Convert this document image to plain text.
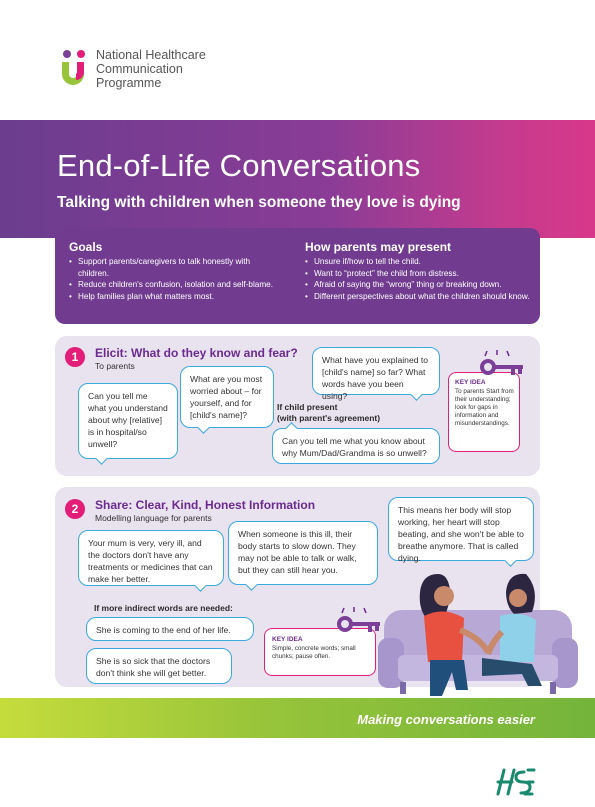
National Healthcare
Communication
Programme
End-of-Life Conversations
Talking with children when someone they love is dying
Goals
• Support parents/caregivers to talk honestly with children.
• Reduce children's confusion, isolation and self-blame.
• Help families plan what matters most.
How parents may present
• Unsure if/how to tell the child.
• Want to “protect” the child from distress.
• Afraid of saying the “wrong” thing or breaking down.
• Different perspectives about what the children should know.
1	Elicit: What do they know and fear?
To parents
Can you tell me what you understand about why [relative] is in hospital/so unwell?
What are you most worried about – for yourself, and for [child's name]?
What have you explained to [child's name] so far? What words have you been using?
If child present
(with parent's agreement)
Can you tell me what you know about why Mum/Dad/Grandma is so unwell?
KEY IDEA
To parents Start from their understanding; look for gaps in information and misunderstandings.
2	Share: Clear, Kind, Honest Information
Modelling language for parents
Your mum is very, very ill, and the doctors don't have any treatments or medicines that can make her better.
When someone is this ill, their body starts to slow down. They may not be able to talk or walk, but they can still hear you.
This means her body will stop working, her heart will stop beating, and she won't be able to breathe anymore. That is called dying.
If more indirect words are needed:
She is coming to the end of her life.
She is so sick that the doctors don't think she will get better.
KEY IDEA
Simple, concrete words; small chunks; pause often.
Making conversations easier
